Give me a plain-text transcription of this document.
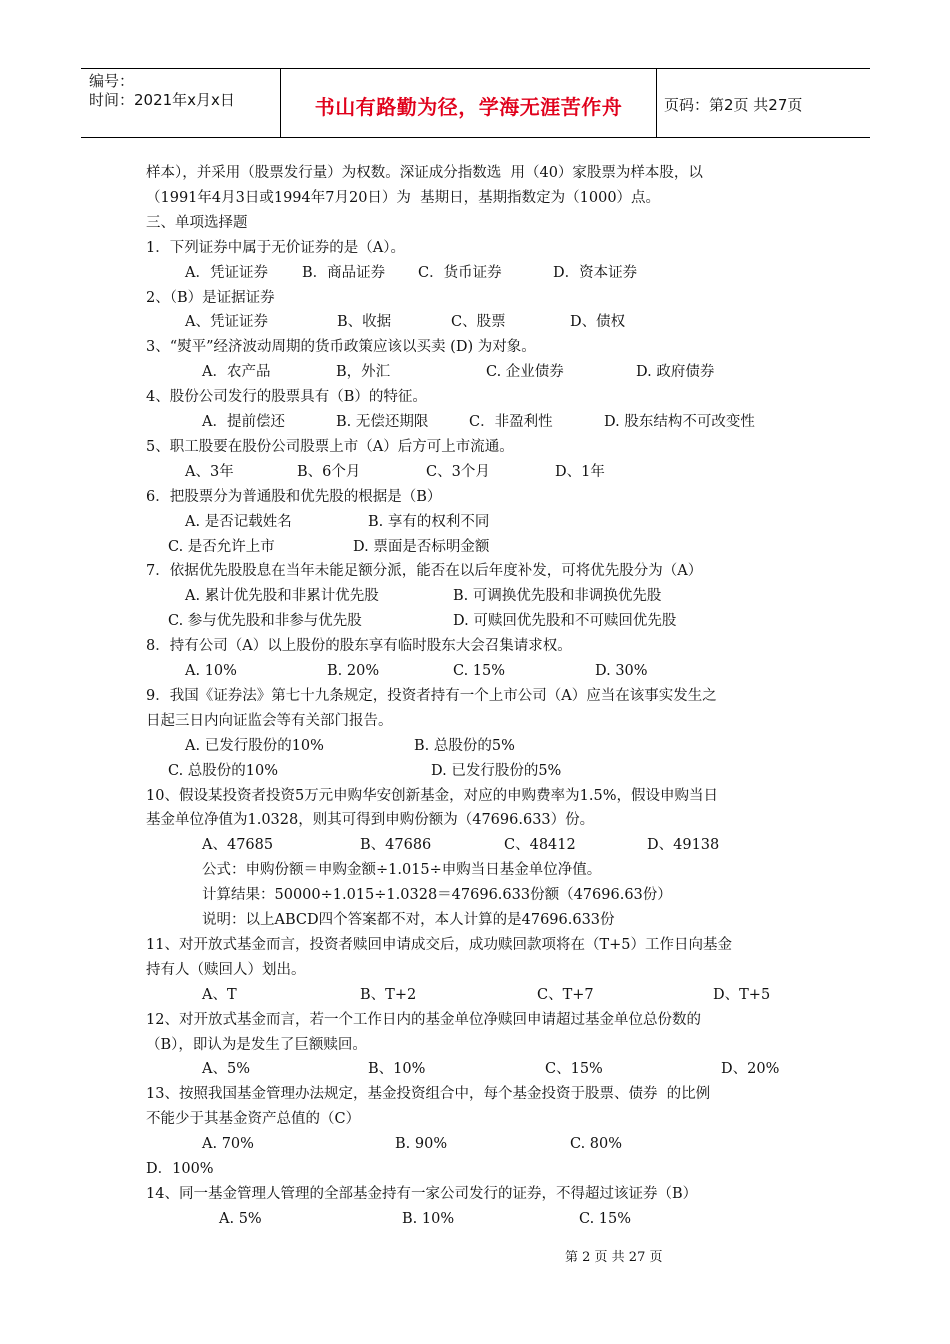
编号：
时间：2021年x月x日	书山有路勤为径，学海无涯苦作舟	页码：第2页 共27页
样本），并采用（股票发行量）为权数。深证成分指数选  用（40）家股票为样本股，以
（1991年4月3日或1994年7月20日）为  基期日，基期指数定为（1000）点。
三、单项选择题
1．下列证券中属于无价证券的是（A）。
A．凭证证券 B．商品证券 C．货币证券	D．资本证券
2、（B）是证据证券
A、凭证证券	B、收据	C、股票	D、债权
3、“熨平”经济波动周期的货币政策应该以买卖 (D) 为对象。
A．农产品	B，外汇	C. 企业债券	D. 政府债券
4、股份公司发行的股票具有（B）的特征。
A．提前偿还	B. 无偿还期限	C．非盈利性	D. 股东结构不可改变性
5、职工股要在股份公司股票上市（A）后方可上市流通。
A、3年	B、6个月	C、3个月	D、1年
6．把股票分为普通股和优先股的根据是（B）
A. 是否记载姓名	B. 享有的权利不同
C. 是否允许上市	D. 票面是否标明金额
7．依据优先股股息在当年未能足额分派，能否在以后年度补发，可将优先股分为（A）
A. 累计优先股和非累计优先股	B. 可调换优先股和非调换优先股
C. 参与优先股和非参与优先股	D. 可赎回优先股和不可赎回优先股
8．持有公司（A）以上股份的股东享有临时股东大会召集请求权。
A. 10%	B. 20%	C. 15%	D. 30%
9．我国《证券法》第七十九条规定，投资者持有一个上市公司（A）应当在该事实发生之
日起三日内向证监会等有关部门报告。
A. 已发行股份的10%	B. 总股份的5%
C. 总股份的10%	D. 已发行股份的5%
10、假设某投资者投资5万元申购华安创新基金，对应的申购费率为1.5%，假设申购当日
基金单位净值为1.0328，则其可得到申购份额为（47696.633）份。
A、47685	B、47686	C、48412	D、49138
公式：申购份额＝申购金额÷1.015÷申购当日基金单位净值。
计算结果：50000÷1.015÷1.0328＝47696.633份额（47696.63份）
说明：以上ABCD四个答案都不对，本人计算的是47696.633份
11、对开放式基金而言，投资者赎回申请成交后，成功赎回款项将在（T+5）工作日向基金
持有人（赎回人）划出。
A、T	B、T+2	C、T+7	D、T+5
12、对开放式基金而言，若一个工作日内的基金单位净赎回申请超过基金单位总份数的
（B），即认为是发生了巨额赎回。
A、5%	B、10%	C、15%	D、20%
13、按照我国基金管理办法规定，基金投资组合中，每个基金投资于股票、债券  的比例
不能少于其基金资产总值的（C）
A. 70%	B. 90%	C. 80%
D．100%
14、同一基金管理人管理的全部基金持有一家公司发行的证券，不得超过该证券（B）
A. 5%	B. 10%	C. 15%
第 2 页 共 27 页
